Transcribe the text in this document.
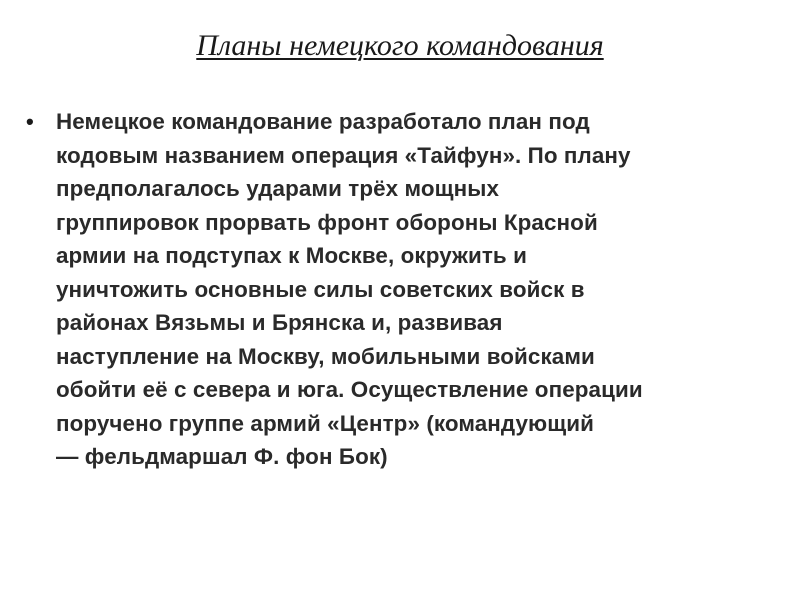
Планы немецкого командования
• Немецкое командование разработало план под
кодовым названием операция «Тайфун». По плану
предполагалось ударами трёх мощных
группировок прорвать фронт обороны Красной
армии на подступах к Москве, окружить и
уничтожить основные силы советских войск в
районах Вязьмы и Брянска и, развивая
наступление на Москву, мобильными войсками
обойти её с севера и юга. Осуществление операции
поручено группе армий «Центр» (командующий
— фельдмаршал Ф. фон Бок)
